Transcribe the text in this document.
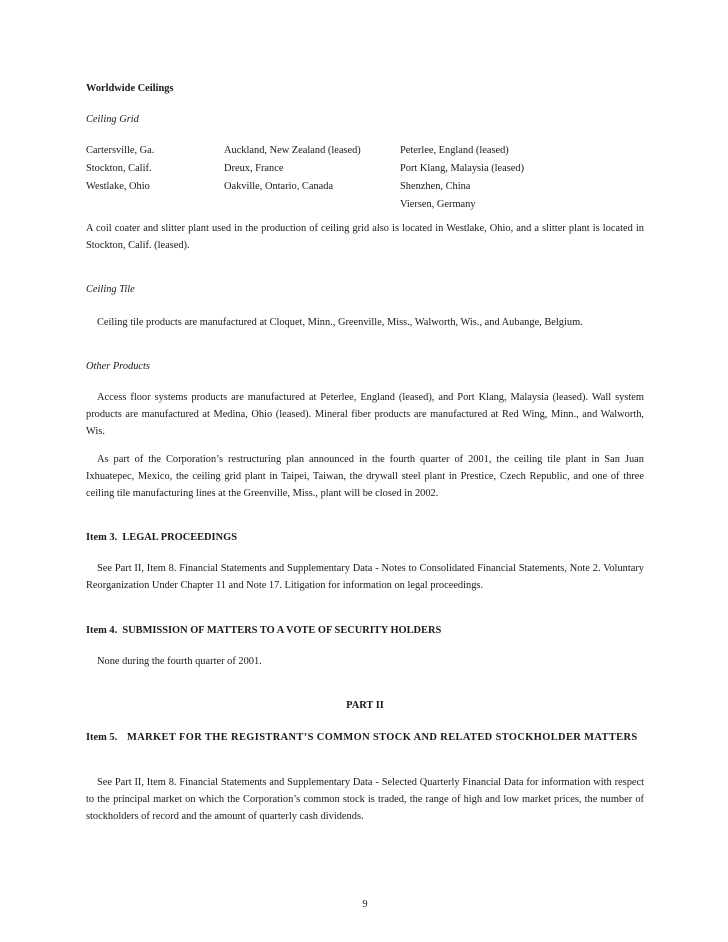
Worldwide Ceilings
Ceiling Grid
Cartersville, Ga.
Stockton, Calif.
Westlake, Ohio
Auckland, New Zealand (leased)
Dreux, France
Oakville, Ontario, Canada
Peterlee, England (leased)
Port Klang, Malaysia (leased)
Shenzhen, China
Viersen, Germany
A coil coater and slitter plant used in the production of ceiling grid also is located in Westlake, Ohio, and a slitter plant is located in Stockton, Calif. (leased).
Ceiling Tile
Ceiling tile products are manufactured at Cloquet, Minn., Greenville, Miss., Walworth, Wis., and Aubange, Belgium.
Other Products
Access floor systems products are manufactured at Peterlee, England (leased), and Port Klang, Malaysia (leased). Wall system products are manufactured at Medina, Ohio (leased). Mineral fiber products are manufactured at Red Wing, Minn., and Walworth, Wis.
As part of the Corporation’s restructuring plan announced in the fourth quarter of 2001, the ceiling tile plant in San Juan Ixhuatepec, Mexico, the ceiling grid plant in Taipei, Taiwan, the drywall steel plant in Prestice, Czech Republic, and one of three ceiling tile manufacturing lines at the Greenville, Miss., plant will be closed in 2002.
Item 3.  LEGAL PROCEEDINGS
See Part II, Item 8. Financial Statements and Supplementary Data - Notes to Consolidated Financial Statements, Note 2. Voluntary Reorganization Under Chapter 11 and Note 17. Litigation for information on legal proceedings.
Item 4.  SUBMISSION OF MATTERS TO A VOTE OF SECURITY HOLDERS
None during the fourth quarter of 2001.
PART II
Item 5. MARKET FOR THE REGISTRANT’S COMMON STOCK AND RELATED STOCKHOLDER MATTERS
See Part II, Item 8. Financial Statements and Supplementary Data - Selected Quarterly Financial Data for information with respect to the principal market on which the Corporation’s common stock is traded, the range of high and low market prices, the number of stockholders of record and the amount of quarterly cash dividends.
9
